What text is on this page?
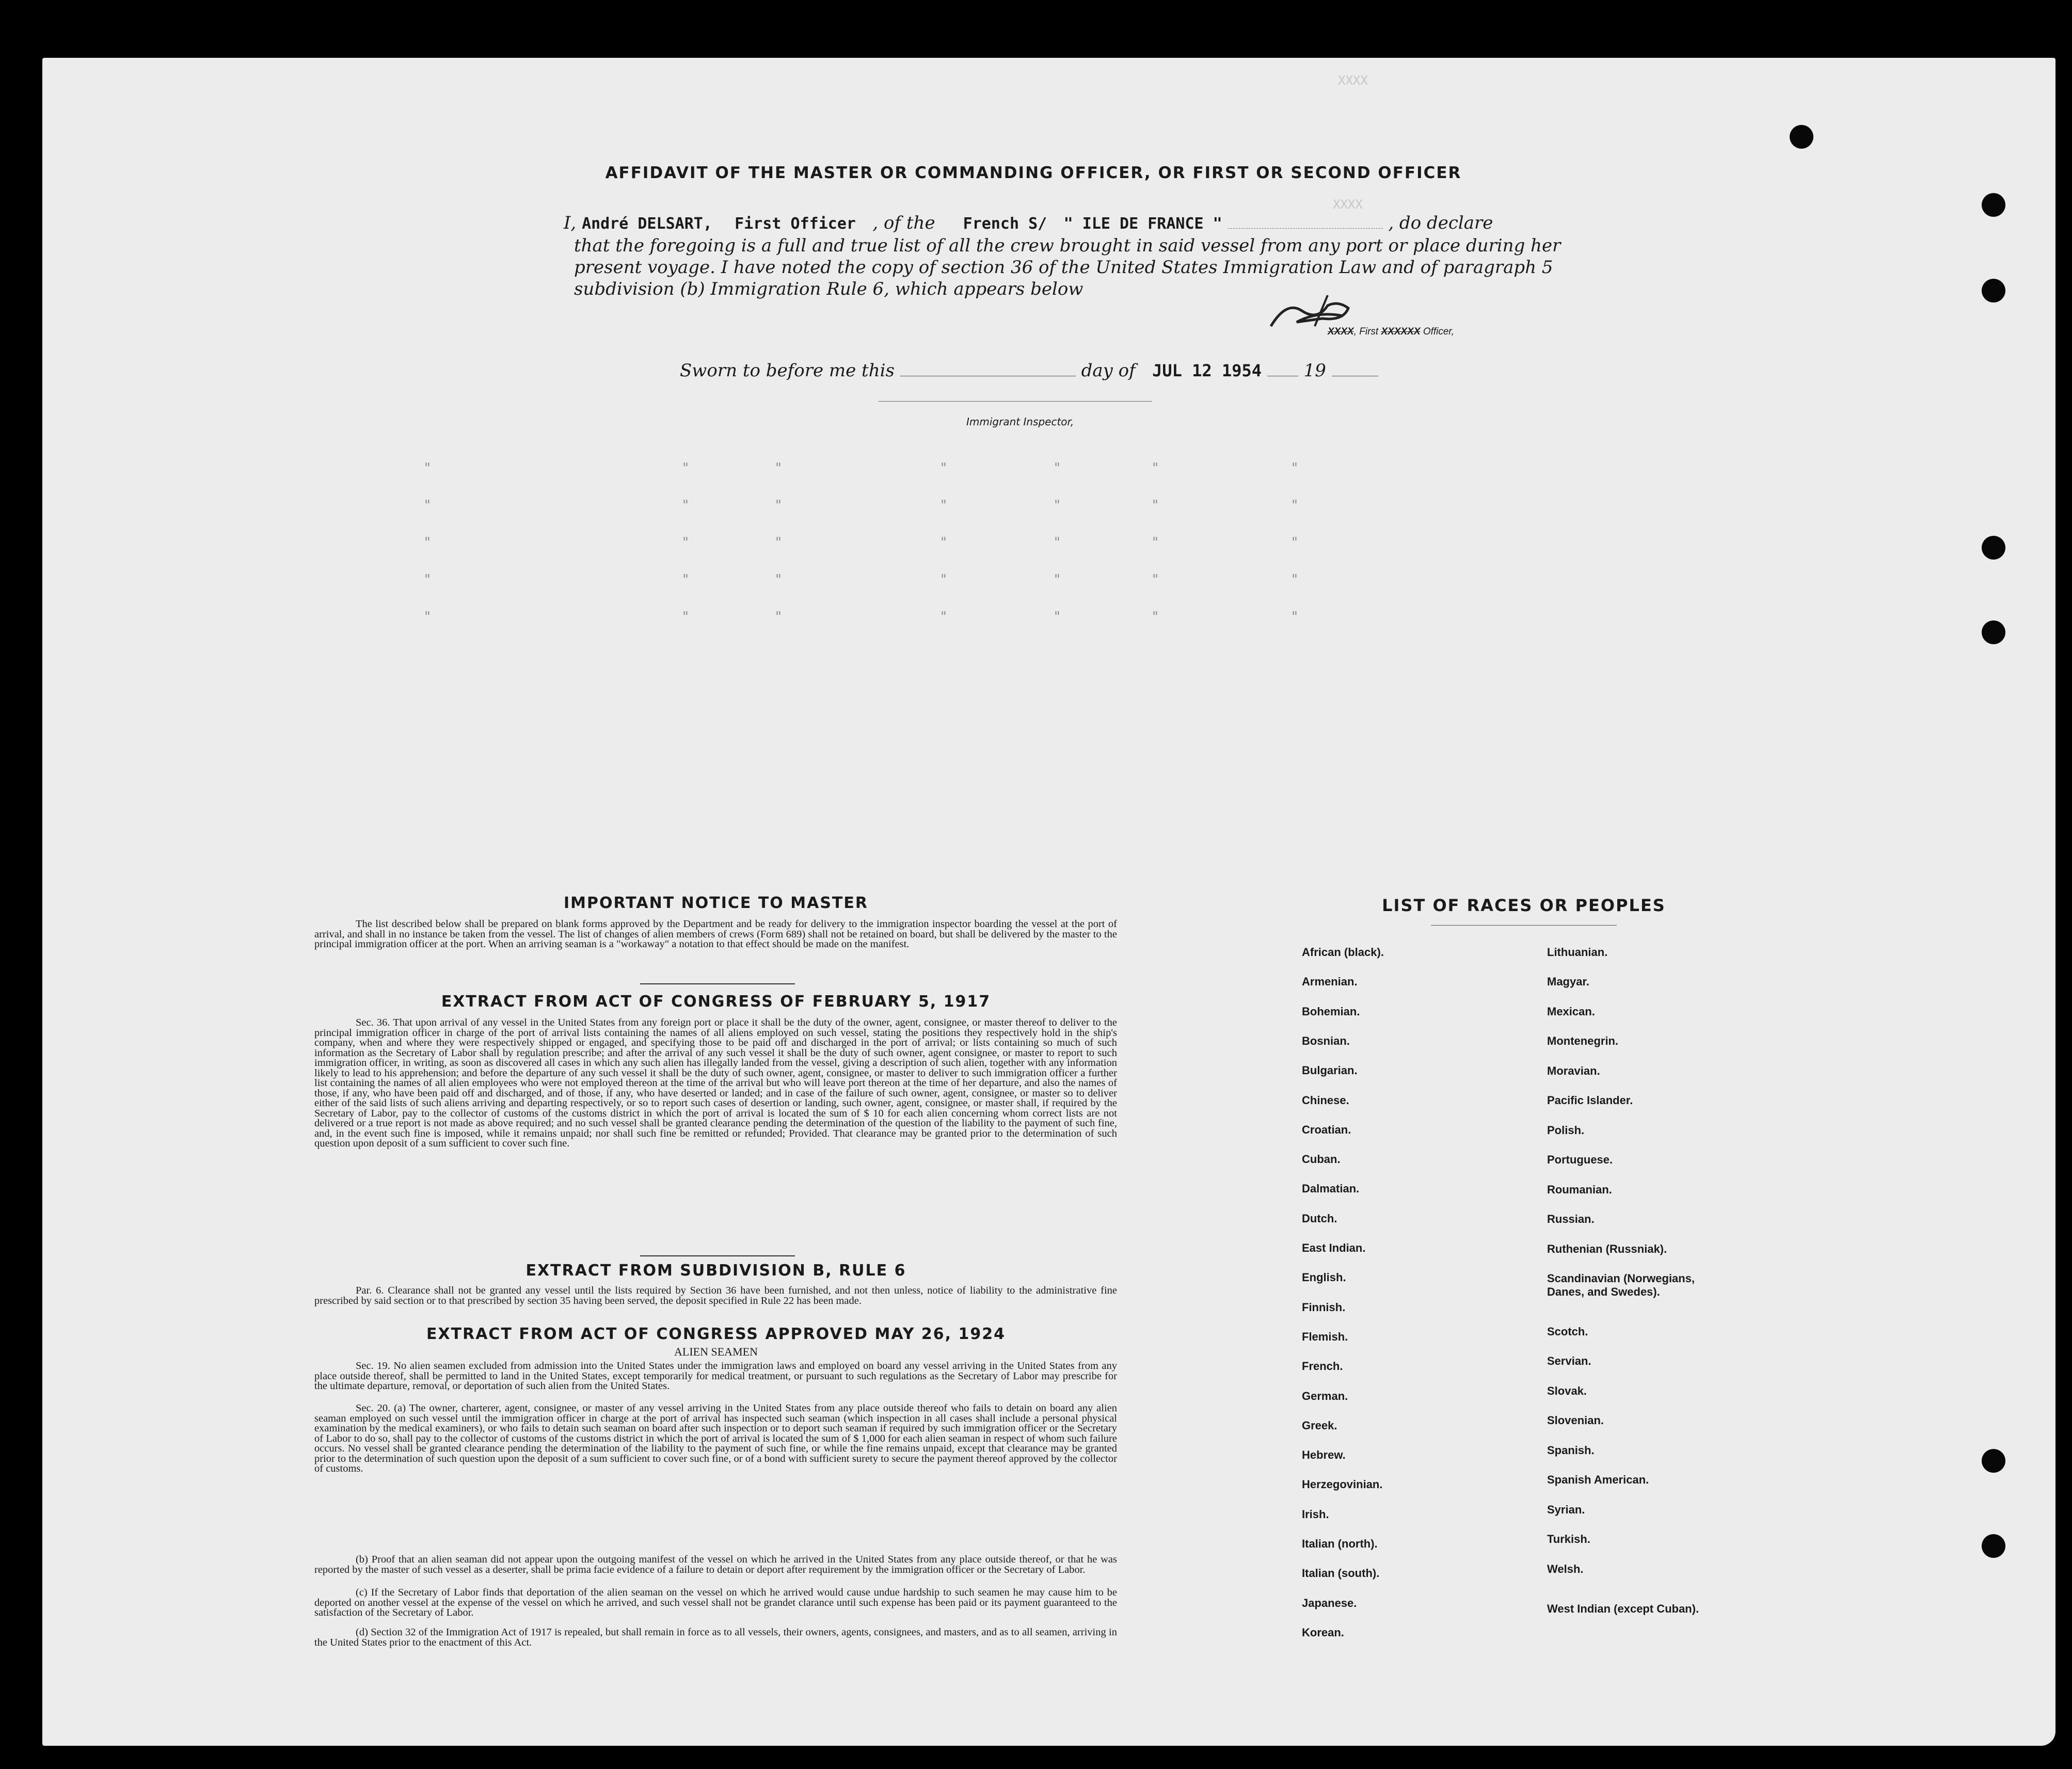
XXXX
XXXX
AFFIDAVIT OF THE MASTER OR COMMANDING OFFICER, OR FIRST OR SECOND OFFICER
I, André DELSART, First Officer , of the French S/ " ILE DE FRANCE "	, do declare
that the foregoing is a full and true list of all the crew brought in said vessel from any port or place during her
present voyage. I have noted the copy of section 36 of the United States Immigration Law and of paragraph 5
subdivision (b) Immigration Rule 6, which appears below
XXXX, First XXXXXX Officer,
Sworn to before me this	day of JUL 12 1954 19
Immigrant Inspector,
"	"	"	"	"	"	"
"	"	"	"	"	"	"
"	"	"	"	"	"	"
"	"	"	"	"	"	"
"	"	"	"	"	"	"
IMPORTANT NOTICE TO MASTER
The list described below shall be prepared on blank forms approved by the Department and be ready for delivery to the immigration inspector boarding the vessel at the port of arrival, and shall in no instance be taken from the vessel. The list of changes of alien members of crews (Form 689) shall not be retained on board, but shall be delivered by the master to the principal immigration officer at the port. When an arriving seaman is a "workaway" a notation to that effect should be made on the manifest.
EXTRACT FROM ACT OF CONGRESS OF FEBRUARY 5, 1917
Sec. 36. That upon arrival of any vessel in the United States from any foreign port or place it shall be the duty of the owner, agent, consignee, or master thereof to deliver to the principal immigration officer in charge of the port of arrival lists containing the names of all aliens employed on such vessel, stating the positions they respectively hold in the ship's company, when and where they were respectively shipped or engaged, and specifying those to be paid off and discharged in the port of arrival; or lists containing so much of such information as the Secretary of Labor shall by regulation prescribe; and after the arrival of any such vessel it shall be the duty of such owner, agent consignee, or master to report to such immigration officer, in writing, as soon as discovered all cases in which any such alien has illegally landed from the vessel, giving a description of such alien, together with any information likely to lead to his apprehension; and before the departure of any such vessel it shall be the duty of such owner, agent, consignee, or master to deliver to such immigration officer a further list containing the names of all alien employees who were not employed thereon at the time of the arrival but who will leave port thereon at the time of her departure, and also the names of those, if any, who have been paid off and discharged, and of those, if any, who have deserted or landed; and in case of the failure of such owner, agent, consignee, or master so to deliver either of the said lists of such aliens arriving and departing respectively, or so to report such cases of desertion or landing, such owner, agent, consignee, or master shall, if required by the Secretary of Labor, pay to the collector of customs of the customs district in which the port of arrival is located the sum of $ 10 for each alien concerning whom correct lists are not delivered or a true report is not made as above required; and no such vessel shall be granted clearance pending the determination of the question of the liability to the payment of such fine, and, in the event such fine is imposed, while it remains unpaid; nor shall such fine be remitted or refunded; Provided. That clearance may be granted prior to the determination of such question upon deposit of a sum sufficient to cover such fine.
EXTRACT FROM SUBDIVISION B, RULE 6
Par. 6. Clearance shall not be granted any vessel until the lists required by Section 36 have been furnished, and not then unless, notice of liability to the administrative fine prescribed by said section or to that prescribed by section 35 having been served, the deposit specified in Rule 22 has been made.
EXTRACT FROM ACT OF CONGRESS APPROVED MAY 26, 1924
ALIEN SEAMEN
Sec. 19. No alien seamen excluded from admission into the United States under the immigration laws and employed on board any vessel arriving in the United States from any place outside thereof, shall be permitted to land in the United States, except temporarily for medical treatment, or pursuant to such regulations as the Secretary of Labor may prescribe for the ultimate departure, removal, or deportation of such alien from the United States.
Sec. 20. (a) The owner, charterer, agent, consignee, or master of any vessel arriving in the United States from any place outside thereof who fails to detain on board any alien seaman employed on such vessel until the immigration officer in charge at the port of arrival has inspected such seaman (which inspection in all cases shall include a personal physical examination by the medical examiners), or who fails to detain such seaman on board after such inspection or to deport such seaman if required by such immigration officer or the Secretary of Labor to do so, shall pay to the collector of customs of the customs district in which the port of arrival is located the sum of $ 1,000 for each alien seaman in respect of whom such failure occurs. No vessel shall be granted clearance pending the determination of the liability to the payment of such fine, or while the fine remains unpaid, except that clearance may be granted prior to the determination of such question upon the deposit of a sum sufficient to cover such fine, or of a bond with sufficient surety to secure the payment thereof approved by the collector of customs.
(b) Proof that an alien seaman did not appear upon the outgoing manifest of the vessel on which he arrived in the United States from any place outside thereof, or that he was reported by the master of such vessel as a deserter, shall be prima facie evidence of a failure to detain or deport after requirement by the immigration officer or the Secretary of Labor.
(c) If the Secretary of Labor finds that deportation of the alien seaman on the vessel on which he arrived would cause undue hardship to such seamen he may cause him to be deported on another vessel at the expense of the vessel on which he arrived, and such vessel shall not be grandet clarance until such expense has been paid or its payment guaranteed to the satisfaction of the Secretary of Labor.
(d) Section 32 of the Immigration Act of 1917 is repealed, but shall remain in force as to all vessels, their owners, agents, consignees, and masters, and as to all seamen, arriving in the United States prior to the enactment of this Act.
LIST OF RACES OR PEOPLES
African (black).
Armenian.
Bohemian.
Bosnian.
Bulgarian.
Chinese.
Croatian.
Cuban.
Dalmatian.
Dutch.
East Indian.
English.
Finnish.
Flemish.
French.
German.
Greek.
Hebrew.
Herzegovinian.
Irish.
Italian (north).
Italian (south).
Japanese.
Korean.
Lithuanian.
Magyar.
Mexican.
Montenegrin.
Moravian.
Pacific Islander.
Polish.
Portuguese.
Roumanian.
Russian.
Ruthenian (Russniak).
Scandinavian (Norwegians, Danes, and Swedes).
Scotch.
Servian.
Slovak.
Slovenian.
Spanish.
Spanish American.
Syrian.
Turkish.
Welsh.
West Indian (except Cuban).
